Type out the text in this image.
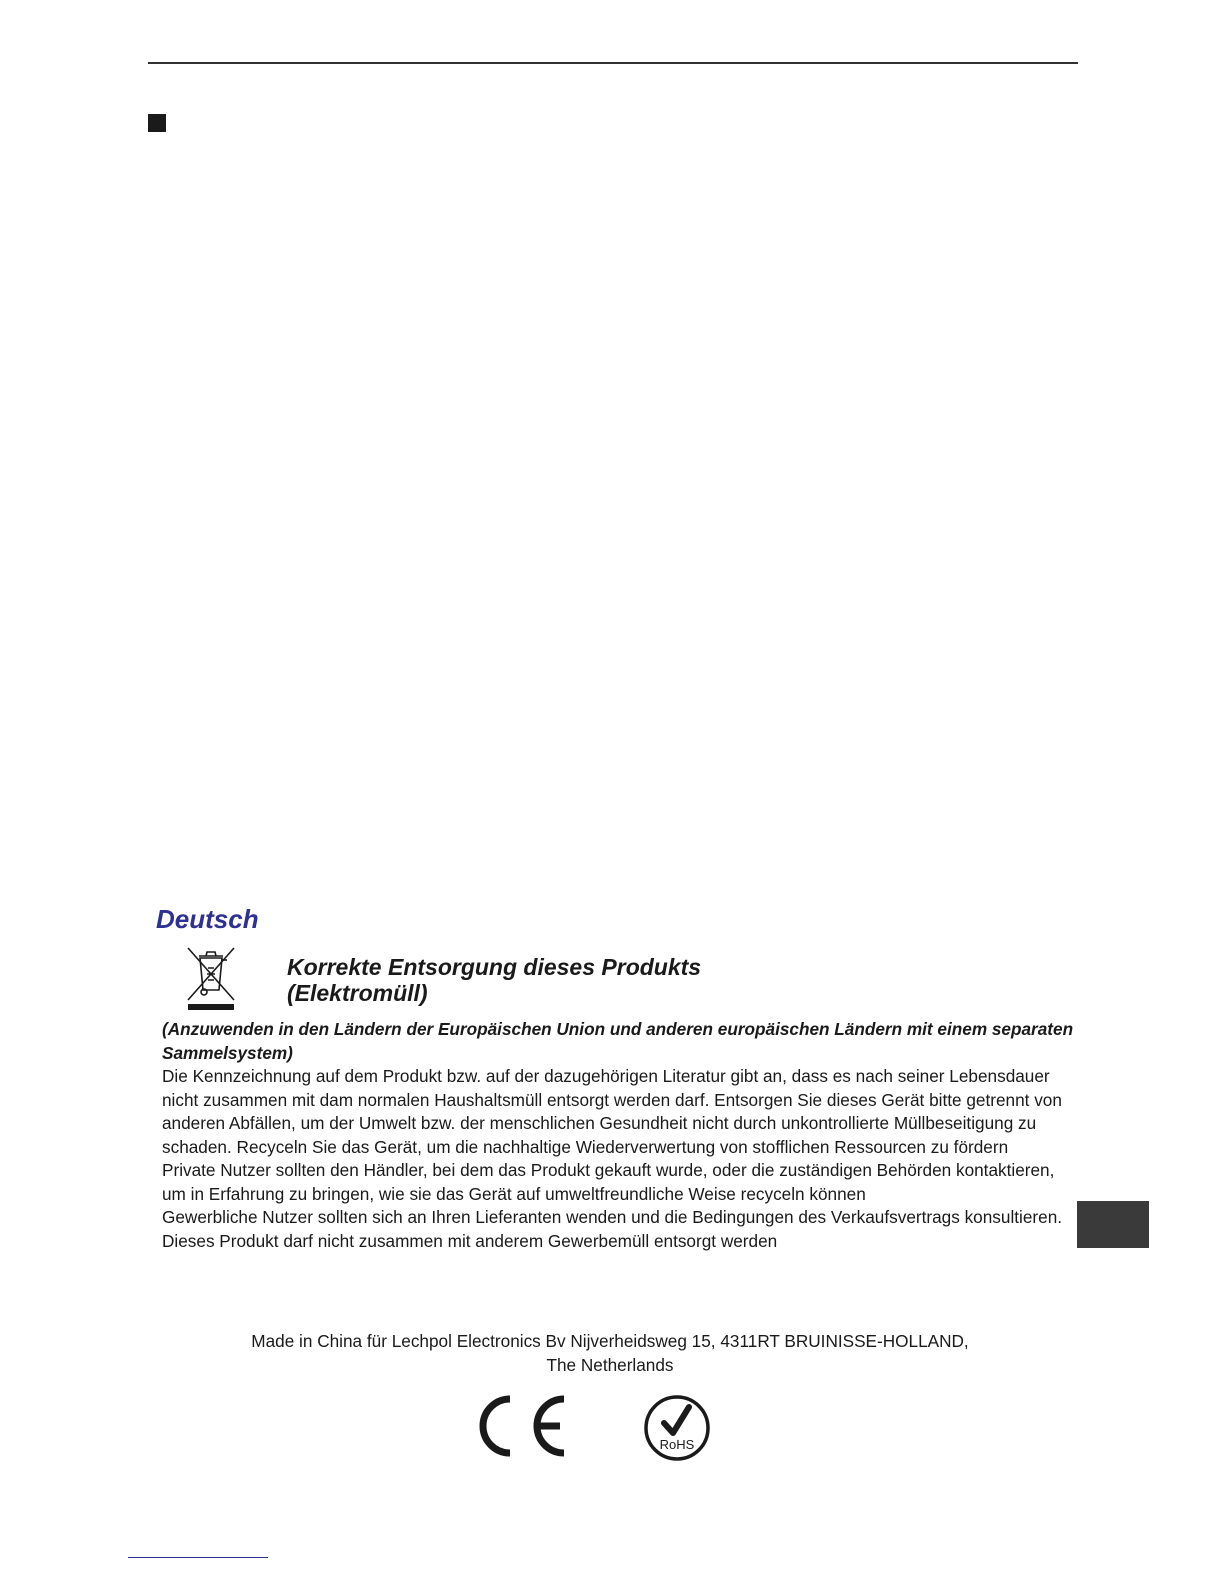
Deutsch
Korrekte Entsorgung dieses Produkts
(Elektromüll)

(Anzuwenden in den Ländern der Europäischen Union und anderen europäischen Ländern mit einem separaten Sammelsystem)

Die Kennzeichnung auf dem Produkt bzw. auf der dazugehörigen Literatur gibt an, dass es nach seiner Lebensdauer nicht zusammen mit dam normalen Haushaltsmüll entsorgt werden darf. Entsorgen Sie dieses Gerät bitte getrennt von anderen Abfällen, um der Umwelt bzw. der menschlichen Gesundheit nicht durch unkontrollierte Müllbeseitigung zu schaden. Recyceln Sie das Gerät, um die nachhaltige Wiederverwertung von stofflichen Ressourcen zu fördern

Private Nutzer sollten den Händler, bei dem das Produkt gekauft wurde, oder die zuständigen Behörden kontaktieren, um in Erfahrung zu bringen, wie sie das Gerät auf umweltfreundliche Weise recyceln können

Gewerbliche Nutzer sollten sich an Ihren Lieferanten wenden und die Bedingungen des Verkaufsvertrags konsultieren. Dieses Produkt darf nicht zusammen mit anderem Gewerbemüll entsorgt werden

Made in China für Lechpol Electronics Bv Nijverheidsweg 15, 4311RT BRUINISSE-HOLLAND,
The Netherlands
RoHS
